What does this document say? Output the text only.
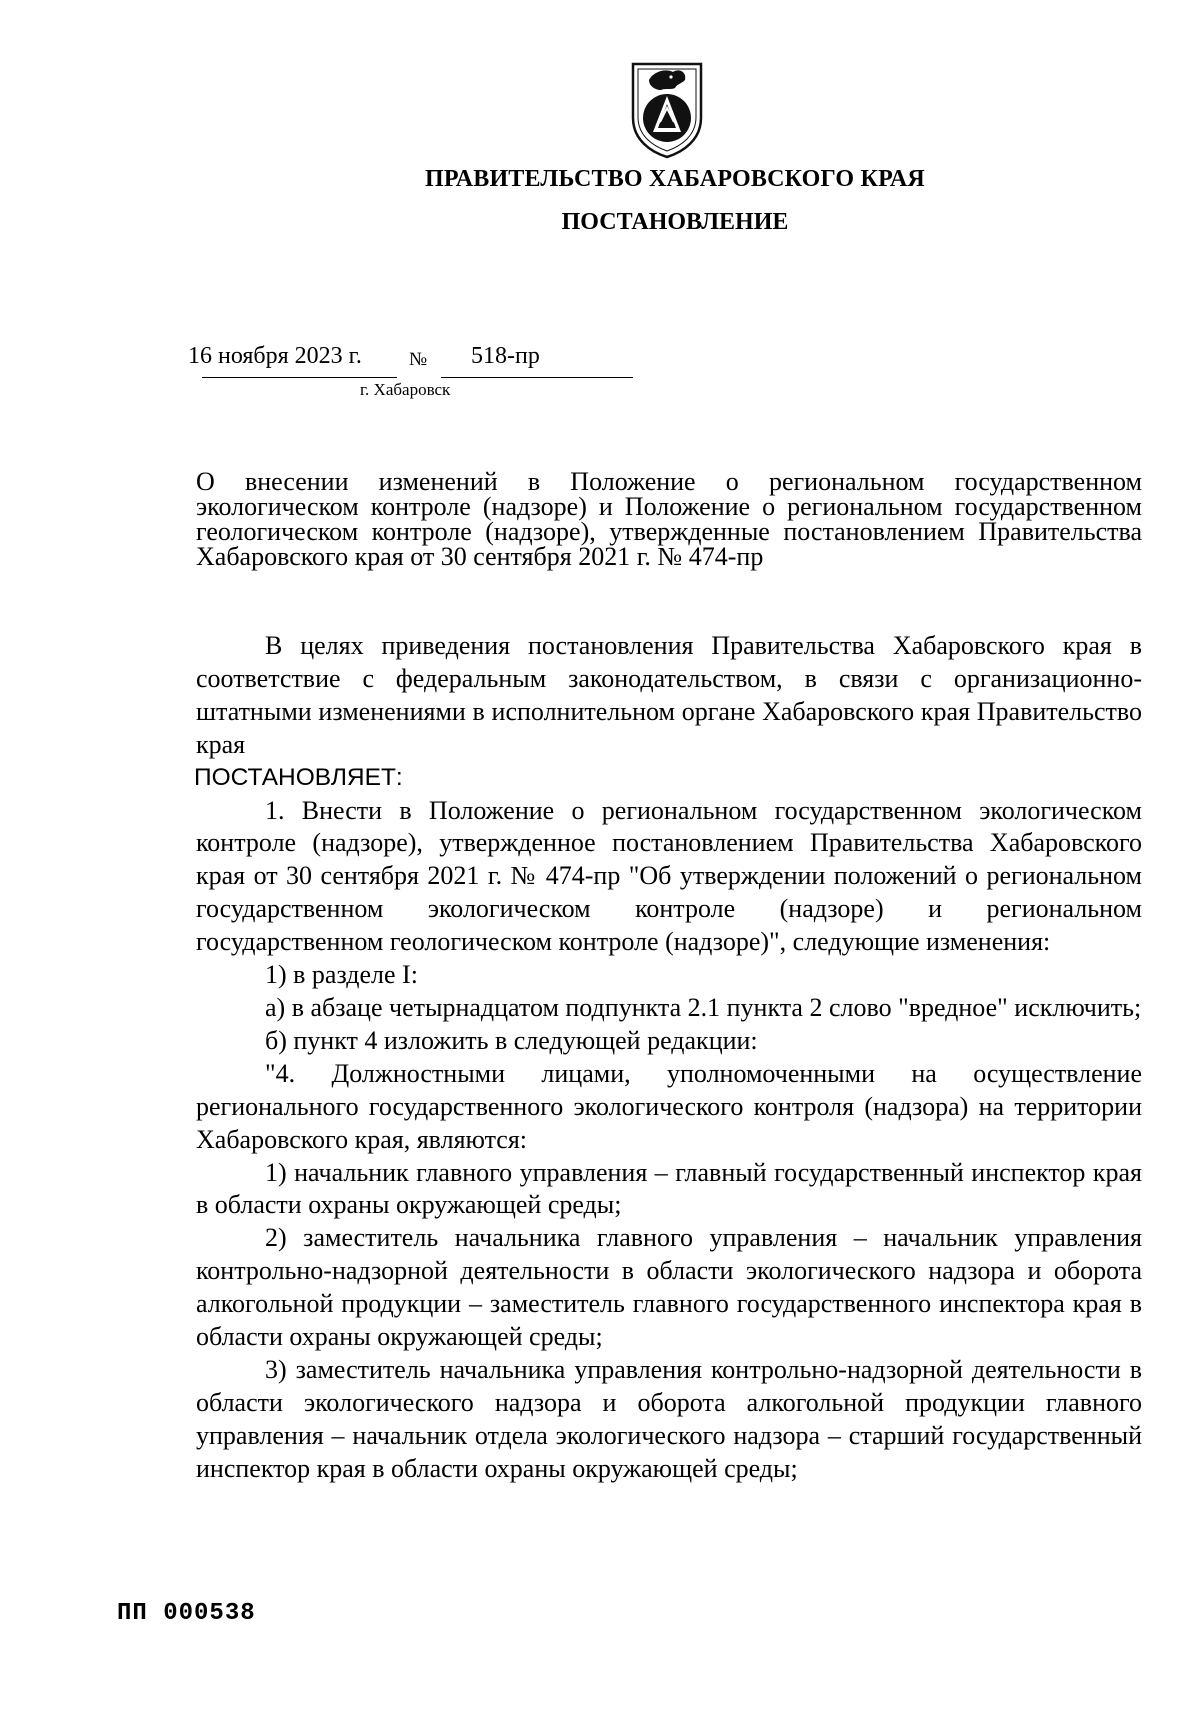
ПРАВИТЕЛЬСТВО ХАБАРОВСКОГО КРАЯ
ПОСТАНОВЛЕНИЕ
16 ноября 2023 г. № 518-пр
г. Хабаровск
О внесении изменений в Положение о региональном государственном экологическом контроле (надзоре) и Положение о региональном государственном геологическом контроле (надзоре), утвержденные постановлением Правительства Хабаровского края от 30 сентября 2021 г. № 474-пр
В целях приведения постановления Правительства Хабаровского края в соответствие с федеральным законодательством, в связи с организационно-штатными изменениями в исполнительном органе Хабаровского края Правительство края
ПОСТАНОВЛЯЕТ:
1. Внести в Положение о региональном государственном экологическом контроле (надзоре), утвержденное постановлением Правительства Хабаровского края от 30 сентября 2021 г. № 474-пр "Об утверждении положений о региональном государственном экологическом контроле (надзоре) и региональном государственном геологическом контроле (надзоре)", следующие изменения:
1) в разделе I:
а) в абзаце четырнадцатом подпункта 2.1 пункта 2 слово "вредное" исключить;
б) пункт 4 изложить в следующей редакции:
"4. Должностными лицами, уполномоченными на осуществление регионального государственного экологического контроля (надзора) на территории Хабаровского края, являются:
1) начальник главного управления – главный государственный инспектор края в области охраны окружающей среды;
2) заместитель начальника главного управления – начальник управления контрольно-надзорной деятельности в области экологического надзора и оборота алкогольной продукции – заместитель главного государственного инспектора края в области охраны окружающей среды;
3) заместитель начальника управления контрольно-надзорной деятельности в области экологического надзора и оборота алкогольной продукции главного управления – начальник отдела экологического надзора – старший государственный инспектор края в области охраны окружающей среды;
ПП 000538
